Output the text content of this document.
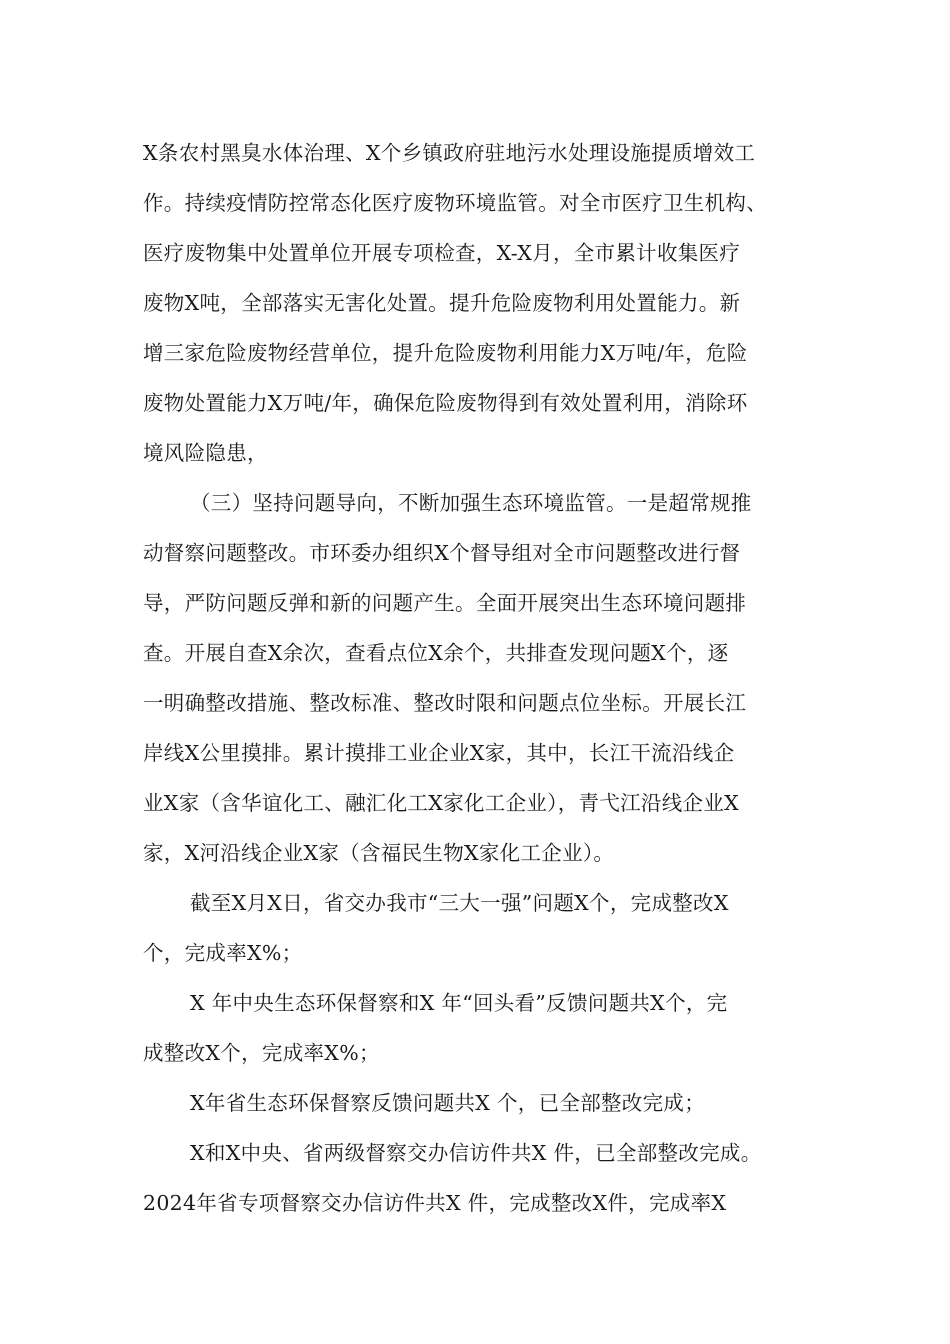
X条农村黑臭水体治理、X个乡镇政府驻地污水处理设施提质增效工
作。持续疫情防控常态化医疗废物环境监管。对全市医疗卫生机构、
医疗废物集中处置单位开展专项检查，X-X月，全市累计收集医疗
废物X吨，全部落实无害化处置。提升危险废物利用处置能力。新
增三家危险废物经营单位，提升危险废物利用能力X万吨/年，危险
废物处置能力X万吨/年，确保危险废物得到有效处置利用，消除环
境风险隐患，
（三）坚持问题导向，不断加强生态环境监管。一是超常规推
动督察问题整改。市环委办组织X个督导组对全市问题整改进行督
导，严防问题反弹和新的问题产生。全面开展突出生态环境问题排
查。开展自查X余次，查看点位X余个，共排查发现问题X个，逐
一明确整改措施、整改标准、整改时限和问题点位坐标。开展长江
岸线X公里摸排。累计摸排工业企业X家，其中，长江干流沿线企
业X家（含华谊化工、融汇化工X家化工企业），青弋江沿线企业X
家，X河沿线企业X家（含福民生物X家化工企业）。
截至X月X日，省交办我市“三大一强”问题X个，完成整改X
个，完成率X%；
X 年中央生态环保督察和X 年“回头看”反馈问题共X个，完
成整改X个，完成率X%；
X年省生态环保督察反馈问题共X 个，已全部整改完成；
X和X中央、省两级督察交办信访件共X 件，已全部整改完成。
2024年省专项督察交办信访件共X 件，完成整改X件，完成率X
